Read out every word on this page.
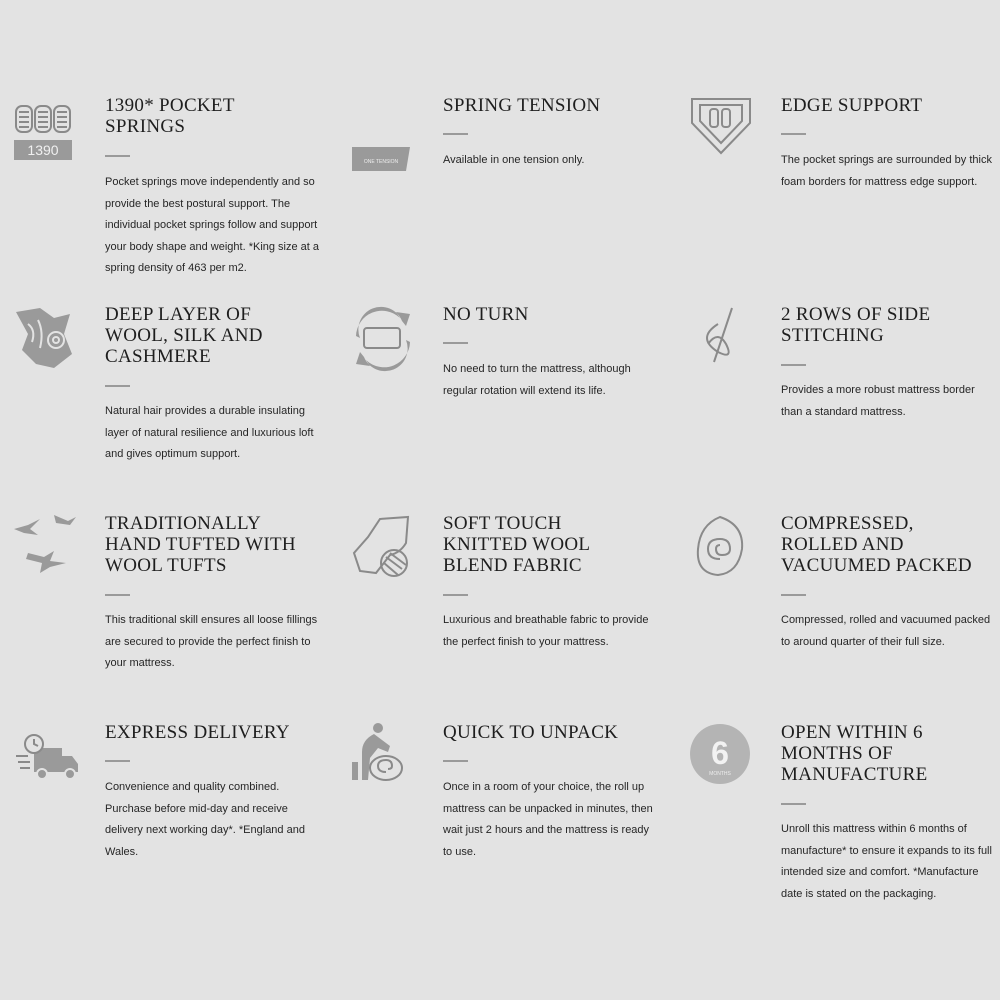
1390
1390* POCKET
SPRINGS

Pocket springs move independently and so provide the best postural support. The individual pocket springs follow and support your body shape and weight. *King size at a spring density of 463 per m2.

ONE TENSION
SPRING TENSION

Available in one tension only.

EDGE SUPPORT

The pocket springs are surrounded by thick foam borders for mattress edge support.

DEEP LAYER OF
WOOL, SILK AND
CASHMERE

Natural hair provides a durable insulating layer of natural resilience and luxurious loft and gives optimum support.

NO TURN

No need to turn the mattress, although regular rotation will extend its life.

2 ROWS OF SIDE
STITCHING

Provides a more robust mattress border than a standard mattress.

TRADITIONALLY
HAND TUFTED WITH
WOOL TUFTS

This traditional skill ensures all loose fillings are secured to provide the perfect finish to your mattress.

SOFT TOUCH
KNITTED WOOL
BLEND FABRIC

Luxurious and breathable fabric to provide the perfect finish to your mattress.

COMPRESSED,
ROLLED AND
VACUUMED PACKED

Compressed, rolled and vacuumed packed to around quarter of their full size.

EXPRESS DELIVERY

Convenience and quality combined. Purchase before mid-day and receive delivery next working day*. *England and Wales.

QUICK TO UNPACK

Once in a room of your choice, the roll up mattress can be unpacked in minutes, then wait just 2 hours and the mattress is ready to use.

6
MONTHS
OPEN WITHIN 6
MONTHS OF
MANUFACTURE

Unroll this mattress within 6 months of manufacture* to ensure it expands to its full intended size and comfort. *Manufacture date is stated on the packaging.
